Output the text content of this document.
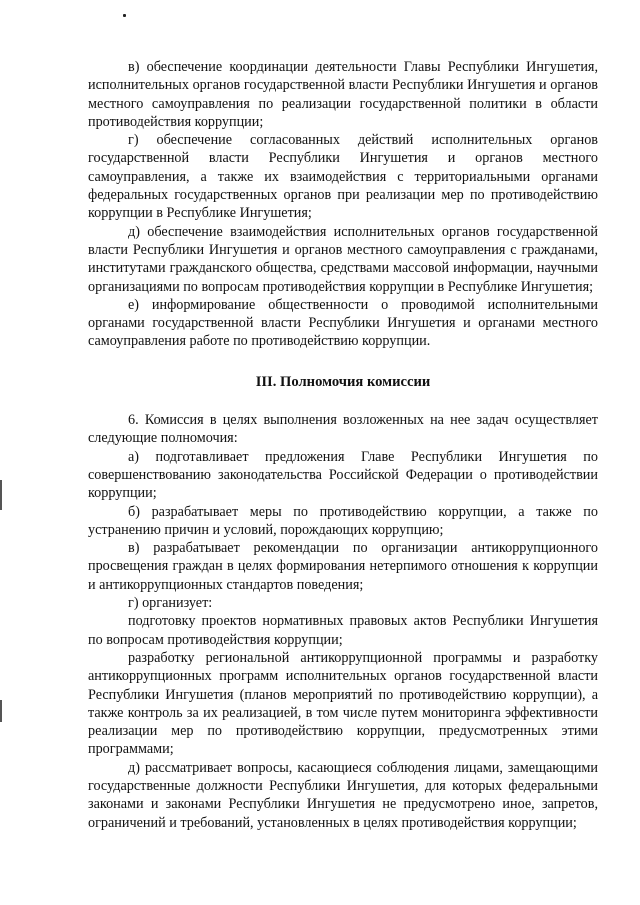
в) обеспечение координации деятельности Главы Республики Ингушетия, исполнительных органов государственной власти Республики Ингушетия и органов местного самоуправления по реализации государственной политики в области противодействия коррупции;

г) обеспечение согласованных действий исполнительных органов государственной власти Республики Ингушетия и органов местного самоуправления, а также их взаимодействия с территориальными органами федеральных государственных органов при реализации мер по противодействию коррупции в Республике Ингушетия;

д) обеспечение взаимодействия исполнительных органов государственной власти Республики Ингушетия и органов местного самоуправления с гражданами, институтами гражданского общества, средствами массовой информации, научными организациями по вопросам противодействия коррупции в Республике Ингушетия;

е) информирование общественности о проводимой исполнительными органами государственной власти Республики Ингушетия и органами местного самоуправления работе по противодействию коррупции.

III. Полномочия комиссии

6. Комиссия в целях выполнения возложенных на нее задач осуществляет следующие полномочия:

а) подготавливает предложения Главе Республики Ингушетия по совершенствованию законодательства Российской Федерации о противодействии коррупции;

б) разрабатывает меры по противодействию коррупции, а также по устранению причин и условий, порождающих коррупцию;

в) разрабатывает рекомендации по организации антикоррупционного просвещения граждан в целях формирования нетерпимого отношения к коррупции и антикоррупционных стандартов поведения;

г) организует:

подготовку проектов нормативных правовых актов Республики Ингушетия по вопросам противодействия коррупции;

разработку региональной антикоррупционной программы и разработку антикоррупционных программ исполнительных органов государственной власти Республики Ингушетия (планов мероприятий по противодействию коррупции), а также контроль за их реализацией, в том числе путем мониторинга эффективности реализации мер по противодействию коррупции, предусмотренных этими программами;

д) рассматривает вопросы, касающиеся соблюдения лицами, замещающими государственные должности Республики Ингушетия, для которых федеральными законами и законами Республики Ингушетия не предусмотрено иное, запретов, ограничений и требований, установленных в целях противодействия коррупции;
